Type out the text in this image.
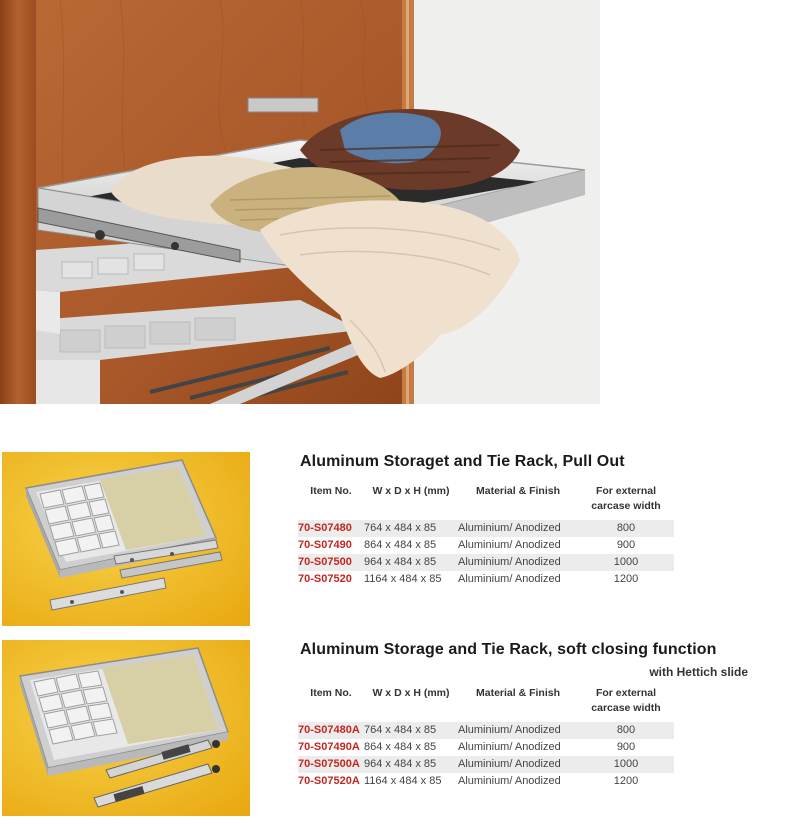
Aluminum Storaget and Tie Rack, Pull Out
Item No.	W x D x H (mm)	Material & Finish	For external carcase width
70-S07480	764 x 484 x 85	Aluminium/ Anodized	800
70-S07490	864 x 484 x 85	Aluminium/ Anodized	900
70-S07500	964 x 484 x 85	Aluminium/ Anodized	1000
70-S07520	1164 x 484 x 85	Aluminium/ Anodized	1200
Aluminum Storage and Tie Rack, soft closing function
with Hettich slide
Item No.	W x D x H (mm)	Material & Finish	For external carcase width
70-S07480A	764 x 484 x 85	Aluminium/ Anodized	800
70-S07490A	864 x 484 x 85	Aluminium/ Anodized	900
70-S07500A	964 x 484 x 85	Aluminium/ Anodized	1000
70-S07520A	1164 x 484 x 85	Aluminium/ Anodized	1200
